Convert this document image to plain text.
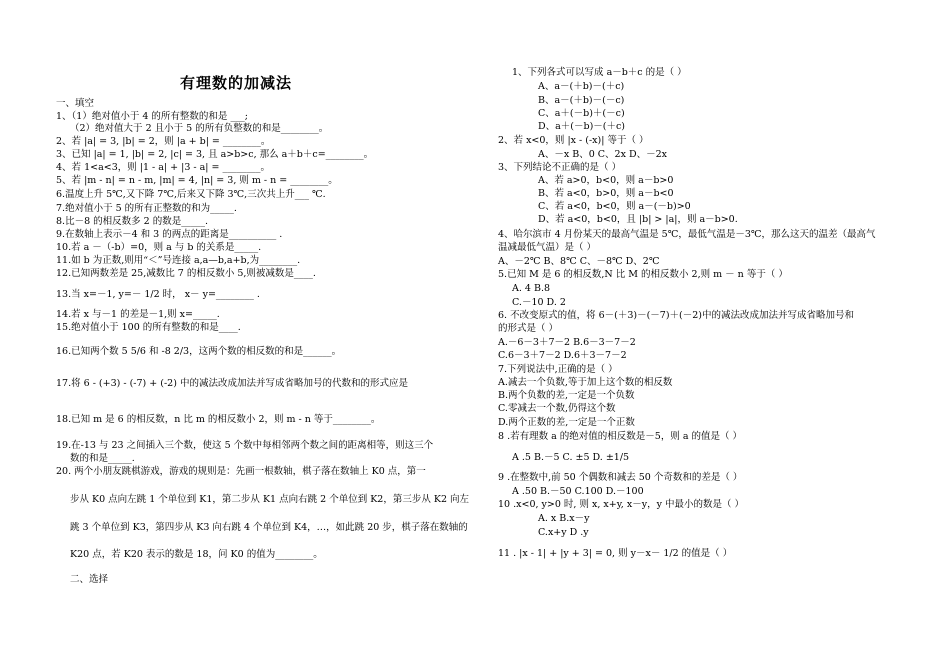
有理数的加减法
一、填空
1、（1）绝对值小于 4 的所有整数的和是 ___;
（2）绝对值大于 2 且小于 5 的所有负整数的和是________。
2、若 |a| = 3, |b| = 2，则 |a + b| = ________。
3、已知 |a| = 1, |b| = 2, |c| = 3, 且 a>b>c, 那么 a＋b＋c=________。
4、若 1<a<3，则 |1 - a| + |3 - a| = ________。
5、若 |m - n| = n - m, |m| = 4, |n| = 3, 则 m - n = ________。
6.温度上升 5℃,又下降 7℃,后来又下降 3℃,三次共上升___ ℃.
7.绝对值小于 5 的所有正整数的和为_____.
8.比－8 的相反数多 2 的数是_____.
9.在数轴上表示－4 和 3 的两点的距离是__________ .
10.若 a －（-b）=0，则 a 与 b 的关系是_____.
11.如 b 为正数,则用“＜”号连接 a,a—b,a+b,为________.
12.已知两数差是 25,减数比 7 的相反数小 5,则被减数是____.
13.当 x=－1, y=－ 1/2 时， x－ y=________ .
14.若 x 与－1 的差是－1,则 x=_____.
15.绝对值小于 100 的所有整数的和是____.
16.已知两个数 5 5/6 和 -8 2/3，这两个数的相反数的和是______。
17.将 6 - (+3) - (-7) + (-2) 中的减法改成加法并写成省略加号的代数和的形式应是
18.已知 m 是 6 的相反数，n 比 m 的相反数小 2，则 m - n 等于________。
19.在-13 与 23 之间插入三个数，使这 5 个数中每相邻两个数之间的距离相等，则这三个
数的和是_____.
20. 两个小朋友跳棋游戏，游戏的规则是：先画一根数轴，棋子落在数轴上 K0 点，第一
步从 K0 点向左跳 1 个单位到 K1，第二步从 K1 点向右跳 2 个单位到 K2，第三步从 K2 向左
跳 3 个单位到 K3，第四步从 K3 向右跳 4 个单位到 K4，…，如此跳 20 步，棋子落在数轴的
K20 点，若 K20 表示的数是 18，问 K0 的值为________。
二、选择
1、下列各式可以写成 a－b＋c 的是（ ）
A、a－(＋b)－(＋c)
B、a－(＋b)－(－c)
C、a＋(－b)＋(－c)
D、a＋(－b)－(＋c)
2、若 x<0，则 |x - (-x)| 等于（ ）
A、－x B、0 C、2x D、－2x
3、下列结论不正确的是（ ）
A、若 a>0，b<0，则 a－b>0
B、若 a<0，b>0，则 a－b<0
C、若 a<0，b<0，则 a－(－b)>0
D、若 a<0，b<0，且 |b| > |a|，则 a－b>0.
4、哈尔滨市 4 月份某天的最高气温是 5℃，最低气温是－3℃，那么这天的温差（最高气
温减最低气温）是（ ）
A、－2℃ B、8℃ C、－8℃ D、2℃
5.已知 M 是 6 的相反数,N 比 M 的相反数小 2,则 m － n 等于（ ）
A. 4 B.8
C.－10 D. 2
6. 不改变原式的值，将 6－(＋3)－(－7)＋(－2)中的减法改成加法并写成省略加号和
的形式是（ ）
A.－6－3＋7－2 B.6－3－7－2
C.6－3＋7－2 D.6＋3－7－2
7.下列说法中,正确的是（ ）
A.减去一个负数,等于加上这个数的相反数
B.两个负数的差,一定是一个负数
C.零减去一个数,仍得这个数
D.两个正数的差,一定是一个正数
8 .若有理数 a 的绝对值的相反数是－5，则 a 的值是（ ）
A .5 B.－5 C. ±5 D. ±1/5
9 .在整数中,前 50 个偶数和减去 50 个奇数和的差是（ ）
A .50 B.－50 C.100 D.－100
10 .x<0, y>0 时, 则 x, x+y, x－y，y 中最小的数是（ ）
A. x B.x－y
C.x+y D .y
11 . |x - 1| + |y + 3| = 0, 则 y－x－ 1/2 的值是（ ）
